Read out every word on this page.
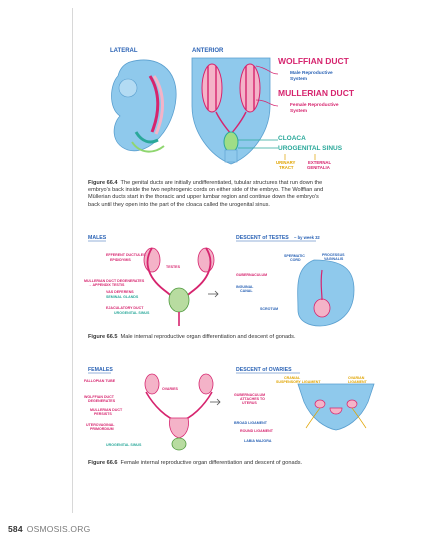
LATERAL	ANTERIOR
WOLFFIAN DUCT
Male Reproductive
System
MULLERIAN DUCT
Female Reproductive
System
CLOACA
UROGENITAL SINUS
URINARY
TRACT
EXTERNAL
GENITALIA
Figure 66.4 The genital ducts are initially undifferentiated, tubular structures that run down the
embryo's back inside the two nephrogenic cords on either side of the embryo. The Wolffian and
Müllerian ducts start in the thoracic and upper lumbar region and continue down the embryo's
back until they open into the part of the cloaca called the urogenital sinus.
MALES	DESCENT of TESTES ~ by week 32
EFFERENT DUCTULES
EPIDIDYMIS
TESTES
MULLERIAN DUCT DEGENERATES
→ APPENDIX TESTIS
VAS DEFERENS
SEMINAL GLANDS
EJACULATORY DUCT
UROGENITAL SINUS
SPERMATIC
CORD
PROCESSUS
VAGINALIS
GUBERNACULUM
INGUINAL
CANAL
SCROTUM
Figure 66.5 Male internal reproductive organ differentiation and descent of gonads.
FEMALES	DESCENT of OVARIES
FALLOPIAN TUBE
OVARIES
WOLFFIAN DUCT
DEGENERATES
MULLERIAN DUCT
PERSISTS
UTEROVAGINAL
PRIMORDIUM
UROGENITAL SINUS
CRANIAL
SUSPENSORY LIGAMENT
OVARIAN
LIGAMENT
GUBERNACULUM
ATTACHES TO
UTERUS
BROAD LIGAMENT
ROUND LIGAMENT
LABIA MAJORA
Figure 66.6 Female internal reproductive organ differentiation and descent of gonads.
584 OSMOSIS.ORG
